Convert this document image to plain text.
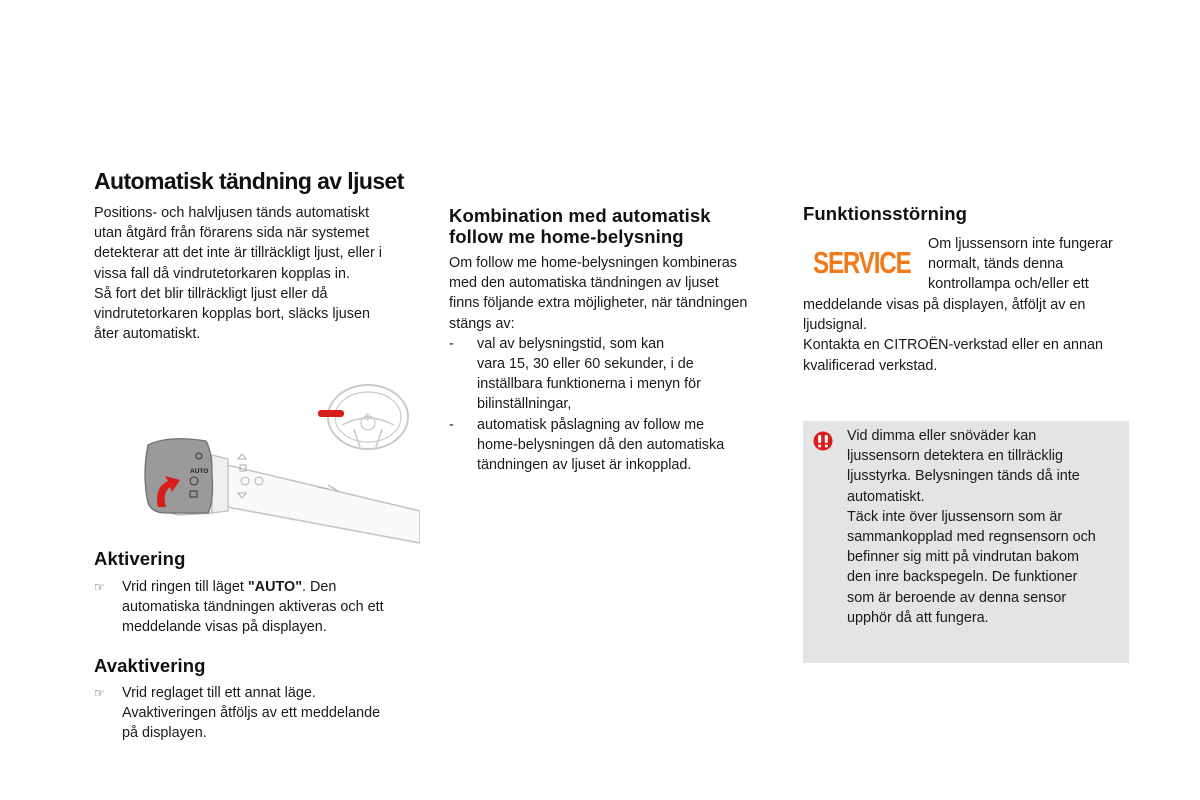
Automatisk tändning av ljuset

Positions- och halvljusen tänds automatiskt

utan åtgärd från förarens sida när systemet

detekterar att det inte är tillräckligt ljust, eller i

vissa fall då vindrutetorkaren kopplas in.

Så fort det blir tillräckligt ljust eller då

vindrutetorkaren kopplas bort, släcks ljusen

åter automatiskt.

$
AUTO
Aktivering
☞	Vrid ringen till läget "AUTO". Den

automatiska tändningen aktiveras och ett

meddelande visas på displayen.

Avaktivering
☞	Vrid reglaget till ett annat läge.

Avaktiveringen åtföljs av ett meddelande

på displayen.

Kombination med automatisk

follow me home-belysning

Om follow me home-belysningen kombineras

med den automatiska tändningen av ljuset

finns följande extra möjligheter, när tändningen

stängs av:

-	val av belysningstid, som kan

vara 15, 30 eller 60 sekunder, i de

inställbara funktionerna i menyn för

bilinställningar,

-	automatisk påslagning av follow me

home-belysningen då den automatiska

tändningen av ljuset är inkopplad.

Funktionsstörning
SERVICE

Om ljussensorn inte fungerar

normalt, tänds denna

kontrollampa och/eller ett

meddelande visas på displayen, åtföljt av en

ljudsignal.

Kontakta en CITROËN-verkstad eller en annan

kvalificerad verkstad.

Vid dimma eller snöväder kan

ljussensorn detektera en tillräcklig

ljusstyrka. Belysningen tänds då inte

automatiskt.

Täck inte över ljussensorn som är

sammankopplad med regnsensorn och

befinner sig mitt på vindrutan bakom

den inre backspegeln. De funktioner

som är beroende av denna sensor

upphör då att fungera.
